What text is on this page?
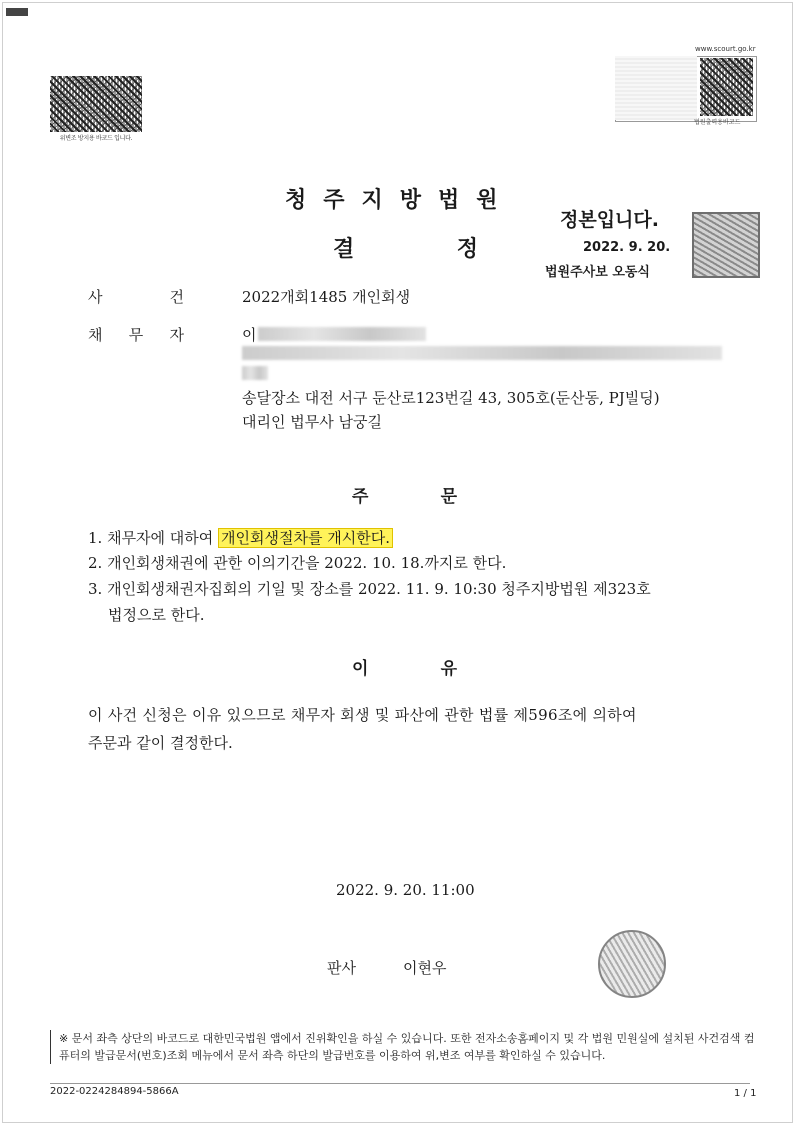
위변조 방지용 바코드 입니다.
www.scourt.go.kr
법원출력용바코드
청주지방법원
결	정
정본입니다.
2022. 9. 20.
법원주사보 오동식
사	건	2022개회1485 개인회생
채 무 자	이
송달장소 대전 서구 둔산로123번길 43, 305호(둔산동, PJ빌딩)
대리인 법무사 남궁길
주	문
1. 채무자에 대하여 개인회생절차를 개시한다.
2. 개인회생채권에 관한 이의기간을 2022. 10. 18.까지로 한다.
3. 개인회생채권자집회의 기일 및 장소를 2022. 11. 9. 10:30 청주지방법원 제323호
법정으로 한다.
이	유
이 사건 신청은 이유 있으므로 채무자 회생 및 파산에 관한 법률 제596조에 의하여
주문과 같이 결정한다.
2022. 9. 20. 11:00
판사	이현우
※ 문서 좌측 상단의 바코드로 대한민국법원 앱에서 진위확인을 하실 수 있습니다. 또한 전자소송홈페이지 및 각 법원 민원실에 설치된 사건검색 컴퓨터의 발급문서(번호)조회 메뉴에서 문서 좌측 하단의 발급번호를 이용하여 위,변조 여부를 확인하실 수 있습니다.
2022-0224284894-5866A	1 / 1
